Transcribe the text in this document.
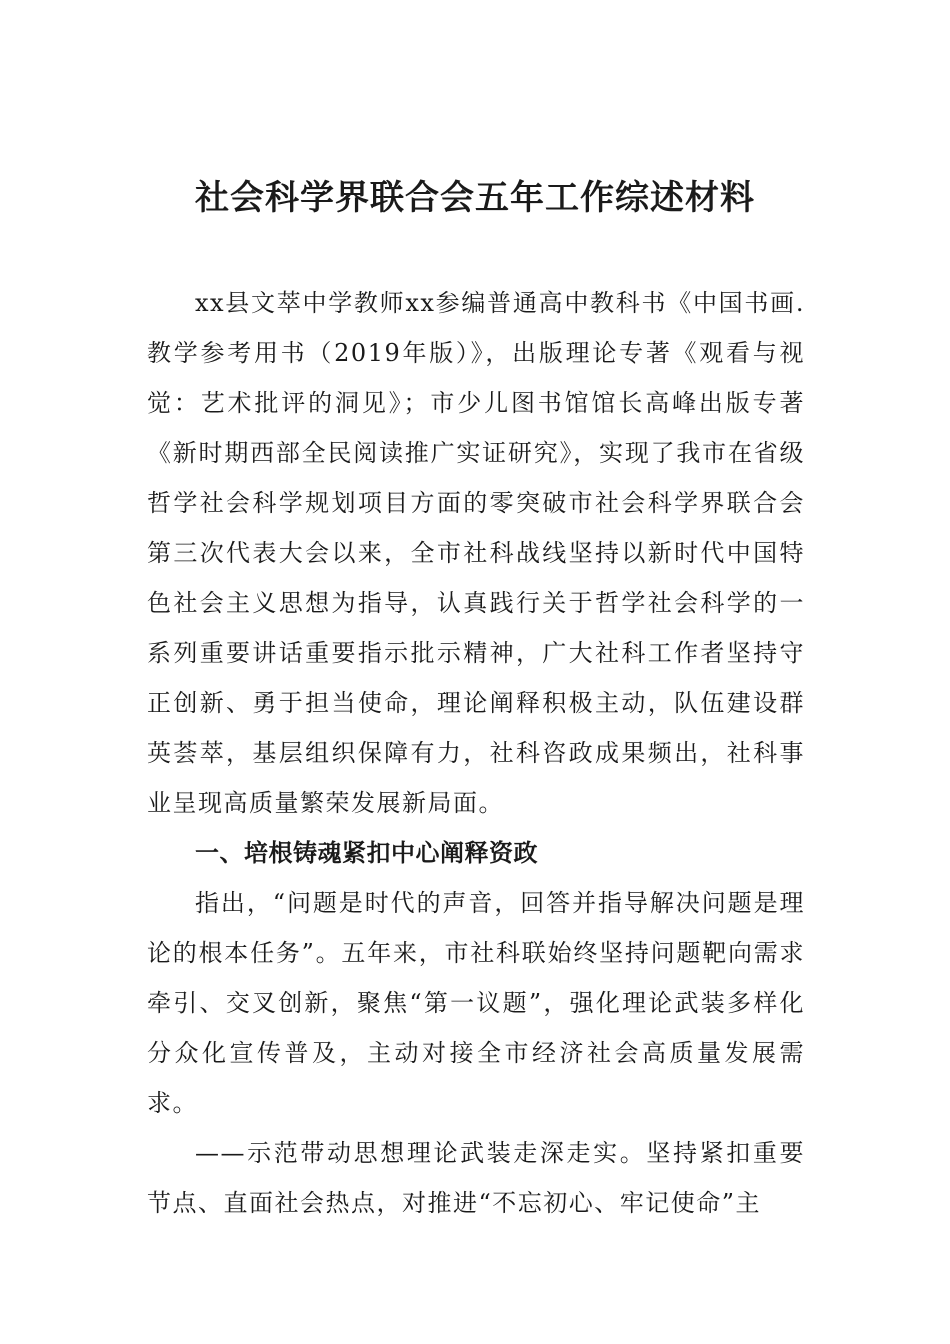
社会科学界联合会五年工作综述材料

xx县文萃中学教师xx参编普通高中教科书《中国书画.教学参考用书（2019年版）》，出版理论专著《观看与视觉：艺术批评的洞见》；市少儿图书馆馆长高峰出版专著《新时期西部全民阅读推广实证研究》，实现了我市在省级哲学社会科学规划项目方面的零突破市社会科学界联合会第三次代表大会以来，全市社科战线坚持以新时代中国特色社会主义思想为指导，认真践行关于哲学社会科学的一系列重要讲话重要指示批示精神，广大社科工作者坚持守正创新、勇于担当使命，理论阐释积极主动，队伍建设群英荟萃，基层组织保障有力，社科咨政成果频出，社科事业呈现高质量繁荣发展新局面。

一、培根铸魂紧扣中心阐释资政

指出，“问题是时代的声音，回答并指导解决问题是理论的根本任务”。五年来，市社科联始终坚持问题靶向需求牵引、交叉创新，聚焦“第一议题”，强化理论武装多样化分众化宣传普及，主动对接全市经济社会高质量发展需求。

——示范带动思想理论武装走深走实。坚持紧扣重要节点、直面社会热点，对推进“不忘初心、牢记使命”主
